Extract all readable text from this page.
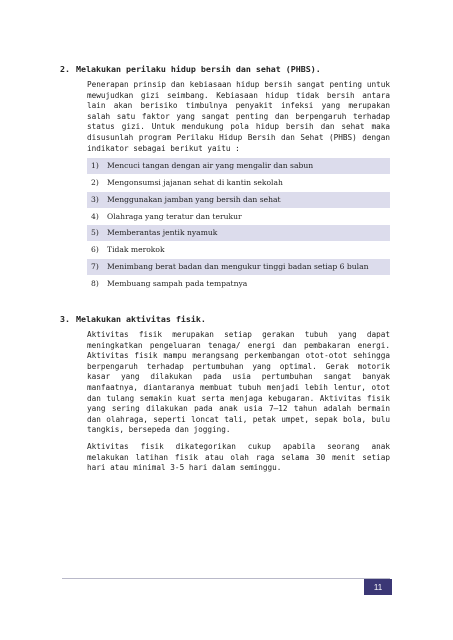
2. Melakukan perilaku hidup bersih dan sehat (PHBS).
Penerapan prinsip dan kebiasaan hidup bersih sangat penting untuk mewujudkan gizi seimbang. Kebiasaan hidup tidak bersih antara lain akan berisiko timbulnya penyakit infeksi yang merupakan salah satu faktor yang sangat penting dan berpengaruh terhadap status gizi. Untuk mendukung pola hidup bersih dan sehat maka disusunlah program Perilaku Hidup Bersih dan Sehat (PHBS) dengan indikator sebagai berikut yaitu :
1)	Mencuci tangan dengan air yang mengalir dan sabun
2)	Mengonsumsi jajanan sehat di kantin sekolah
3)	Menggunakan jamban yang bersih dan sehat
4)	Olahraga yang teratur dan terukur
5)	Memberantas jentik nyamuk
6)	Tidak merokok
7)	Menimbang berat badan dan mengukur tinggi badan setiap 6 bulan
8)	Membuang sampah pada tempatnya
3. Melakukan aktivitas fisik.
Aktivitas fisik merupakan setiap gerakan tubuh yang dapat meningkatkan pengeluaran tenaga/ energi dan pembakaran energi. Aktivitas fisik mampu merangsang perkembangan otot-otot sehingga berpengaruh terhadap pertumbuhan yang optimal. Gerak motorik kasar yang dilakukan pada usia pertumbuhan sangat banyak manfaatnya, diantaranya membuat tubuh menjadi lebih lentur, otot dan tulang semakin kuat serta menjaga kebugaran. Aktivitas fisik yang sering dilakukan pada anak usia 7–12 tahun adalah bermain dan olahraga, seperti loncat tali, petak umpet, sepak bola, bulu tangkis, bersepeda dan jogging.
Aktivitas fisik dikategorikan cukup apabila seorang anak melakukan latihan fisik atau olah raga selama 30 menit setiap hari atau minimal 3-5 hari dalam seminggu.
11
